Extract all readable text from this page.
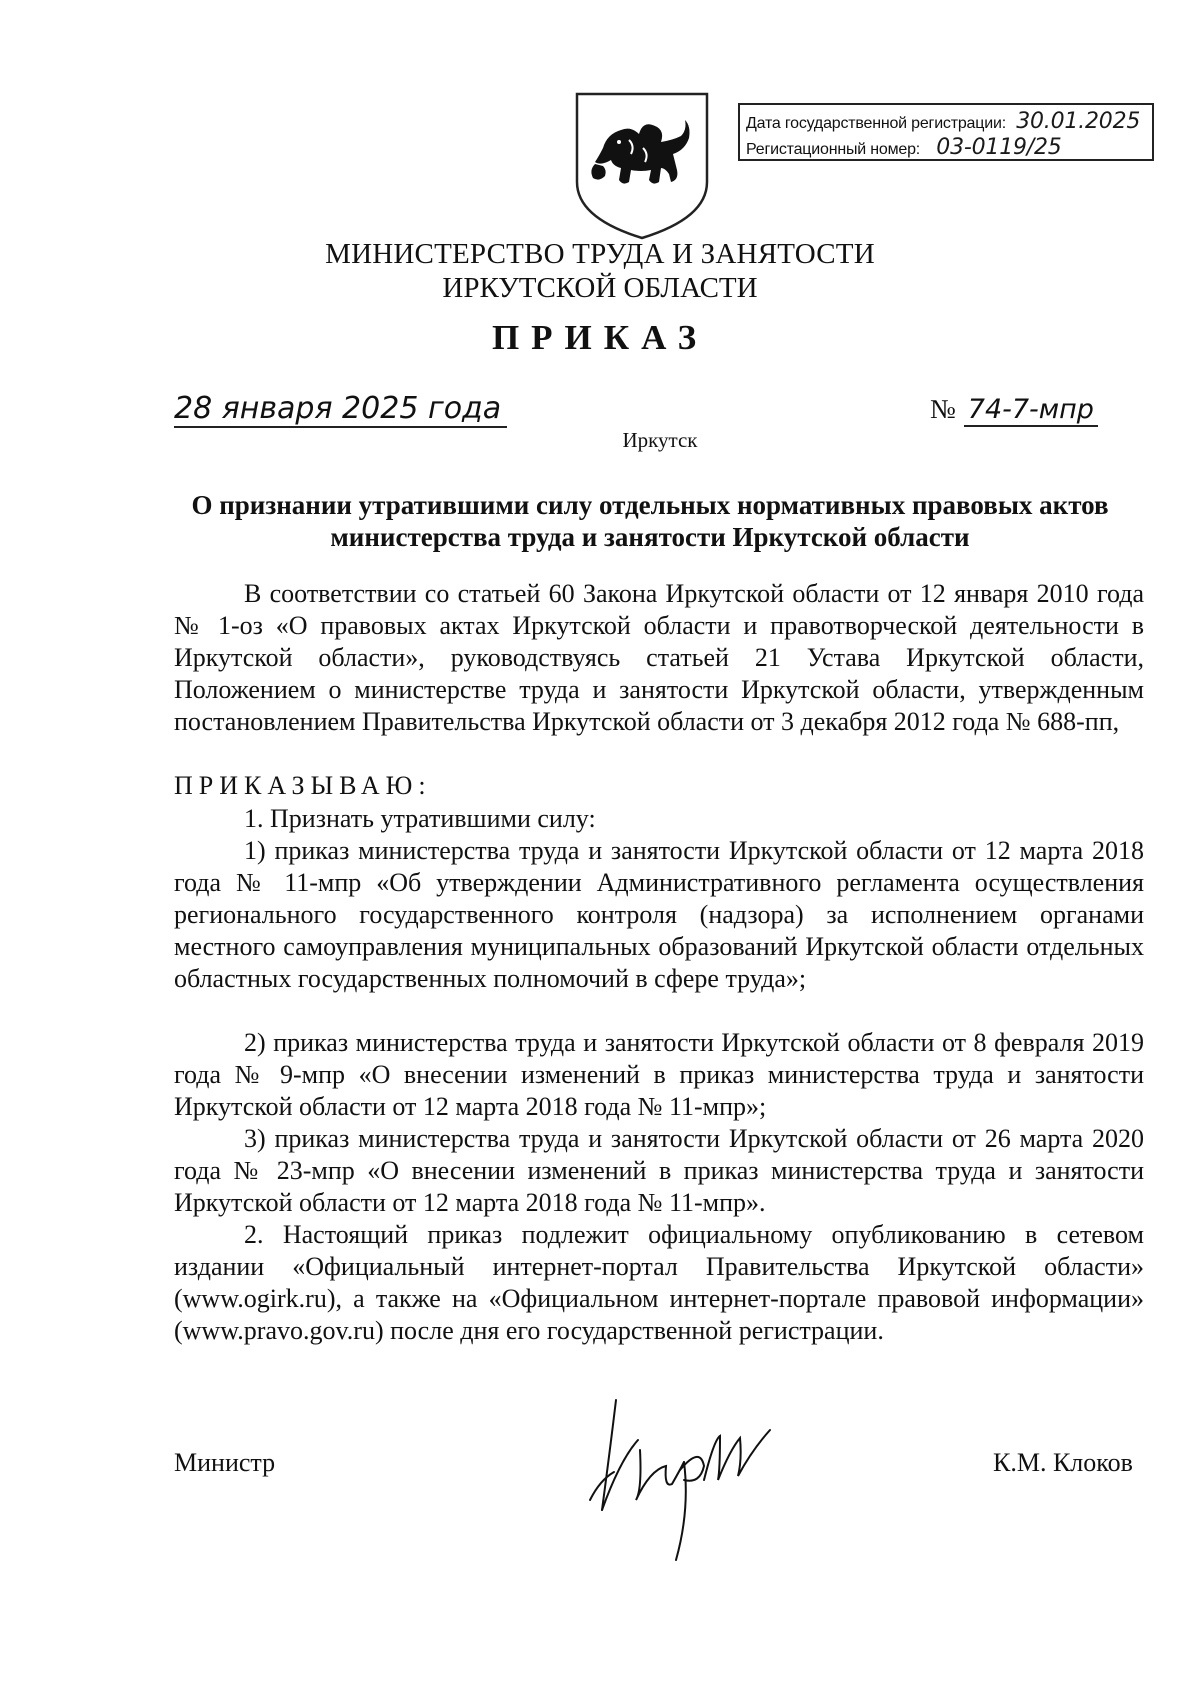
Дата государственной регистрации: 30.01.2025
Регистационный номер: 03-0119/25
МИНИСТЕРСТВО ТРУДА И ЗАНЯТОСТИ
ИРКУТСКОЙ ОБЛАСТИ
ПРИКАЗ
28 января 2025 года	№ 74-7-мпр
Иркутск
О признании утратившими силу отдельных нормативных правовых актов министерства труда и занятости Иркутской области

В соответствии со статьей 60 Закона Иркутской области от 12 января 2010 года № 1-оз «О правовых актах Иркутской области и правотворческой деятельности в Иркутской области», руководствуясь статьей 21 Устава Иркутской области, Положением о министерстве труда и занятости Иркутской области, утвержденным постановлением Правительства Иркутской области от 3 декабря 2012 года № 688-пп,

ПРИКАЗЫВАЮ:

1. Признать утратившими силу:

1) приказ министерства труда и занятости Иркутской области от 12 марта 2018 года № 11-мпр «Об утверждении Административного регламента осуществления регионального государственного контроля (надзора) за исполнением органами местного самоуправления муниципальных образований Иркутской области отдельных областных государственных полномочий в сфере труда»;

2) приказ министерства труда и занятости Иркутской области от 8 февраля 2019 года № 9-мпр «О внесении изменений в приказ министерства труда и занятости Иркутской области от 12 марта 2018 года № 11-мпр»;

3) приказ министерства труда и занятости Иркутской области от 26 марта 2020 года № 23-мпр «О внесении изменений в приказ министерства труда и занятости Иркутской области от 12 марта 2018 года № 11-мпр».

2. Настоящий приказ подлежит официальному опубликованию в сетевом издании «Официальный интернет-портал Правительства Иркутской области» (www.ogirk.ru), а также на «Официальном интернет-портале правовой информации» (www.pravo.gov.ru) после дня его государственной регистрации.

Министр	К.М. Клоков
